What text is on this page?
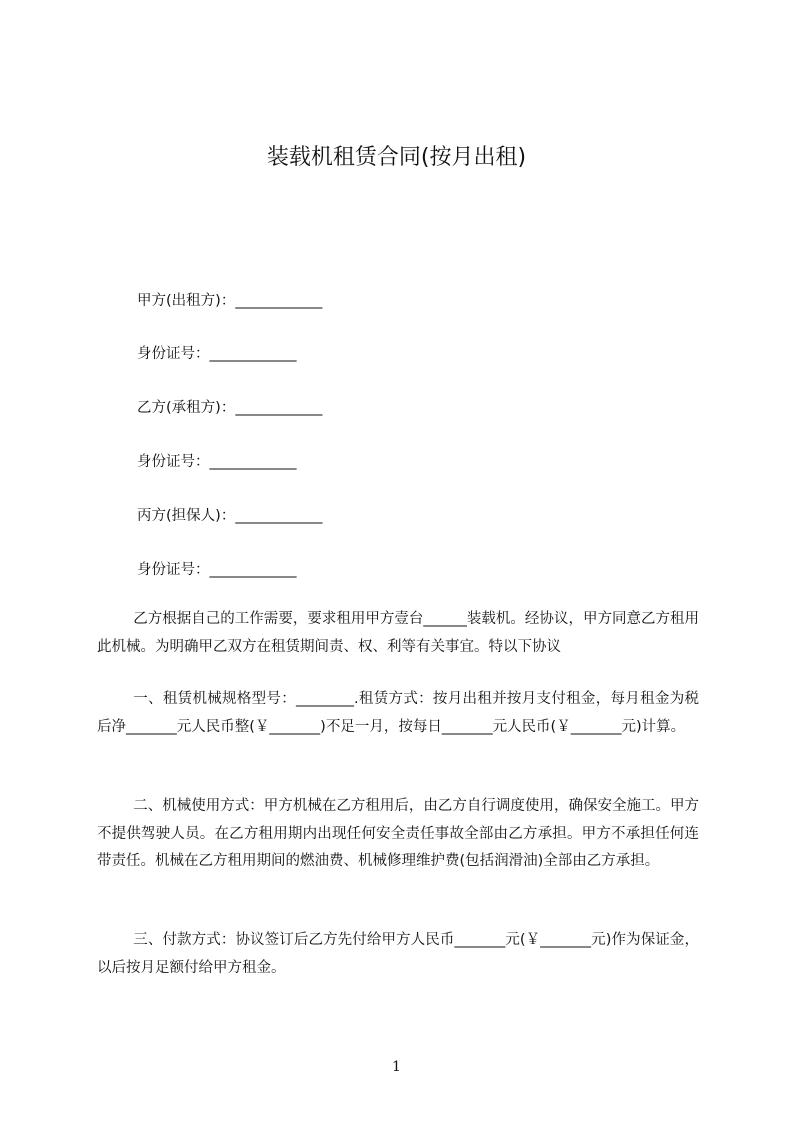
装载机租赁合同(按月出租)
甲方(出租方)：____________
身份证号：____________
乙方(承租方)：____________
身份证号：____________
丙方(担保人)：____________
身份证号：____________
乙方根据自己的工作需要，要求租用甲方壹台______装载机。经协议，甲方同意乙方租用此机械。为明确甲乙双方在租赁期间责、权、利等有关事宜。特以下协议
一、租赁机械规格型号：________.租赁方式：按月出租并按月支付租金，每月租金为税后净_______元人民币整(￥_______)不足一月，按每日_______元人民币(￥_______元)计算。
二、机械使用方式：甲方机械在乙方租用后，由乙方自行调度使用，确保安全施工。甲方不提供驾驶人员。在乙方租用期内出现任何安全责任事故全部由乙方承担。甲方不承担任何连带责任。机械在乙方租用期间的燃油费、机械修理维护费(包括润滑油)全部由乙方承担。
三、付款方式：协议签订后乙方先付给甲方人民币_______元(￥_______元)作为保证金，以后按月足额付给甲方租金。
1
